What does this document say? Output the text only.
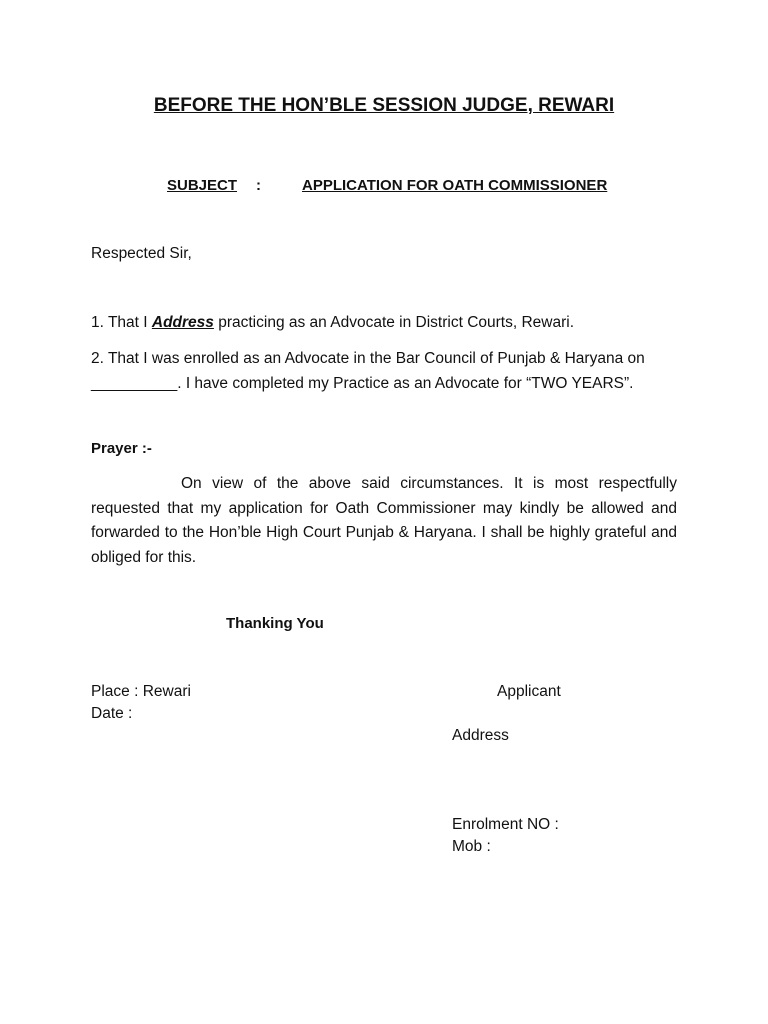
BEFORE THE HON’BLE SESSION JUDGE, REWARI
SUBJECT :	APPLICATION FOR OATH COMMISSIONER
Respected Sir,
1. That I Address practicing as an Advocate in District Courts, Rewari.
2. That I was enrolled as an Advocate in the Bar Council of Punjab & Haryana on __________. I have completed my Practice as an Advocate for “TWO YEARS”.
Prayer :-
On view of the above said circumstances. It is most respectfully requested that my application for Oath Commissioner may kindly be allowed and forwarded to the Hon’ble High Court Punjab & Haryana. I shall be highly grateful and obliged for this.
Thanking You
Place : Rewari
Date :
Applicant
Address
Enrolment NO :
Mob :
